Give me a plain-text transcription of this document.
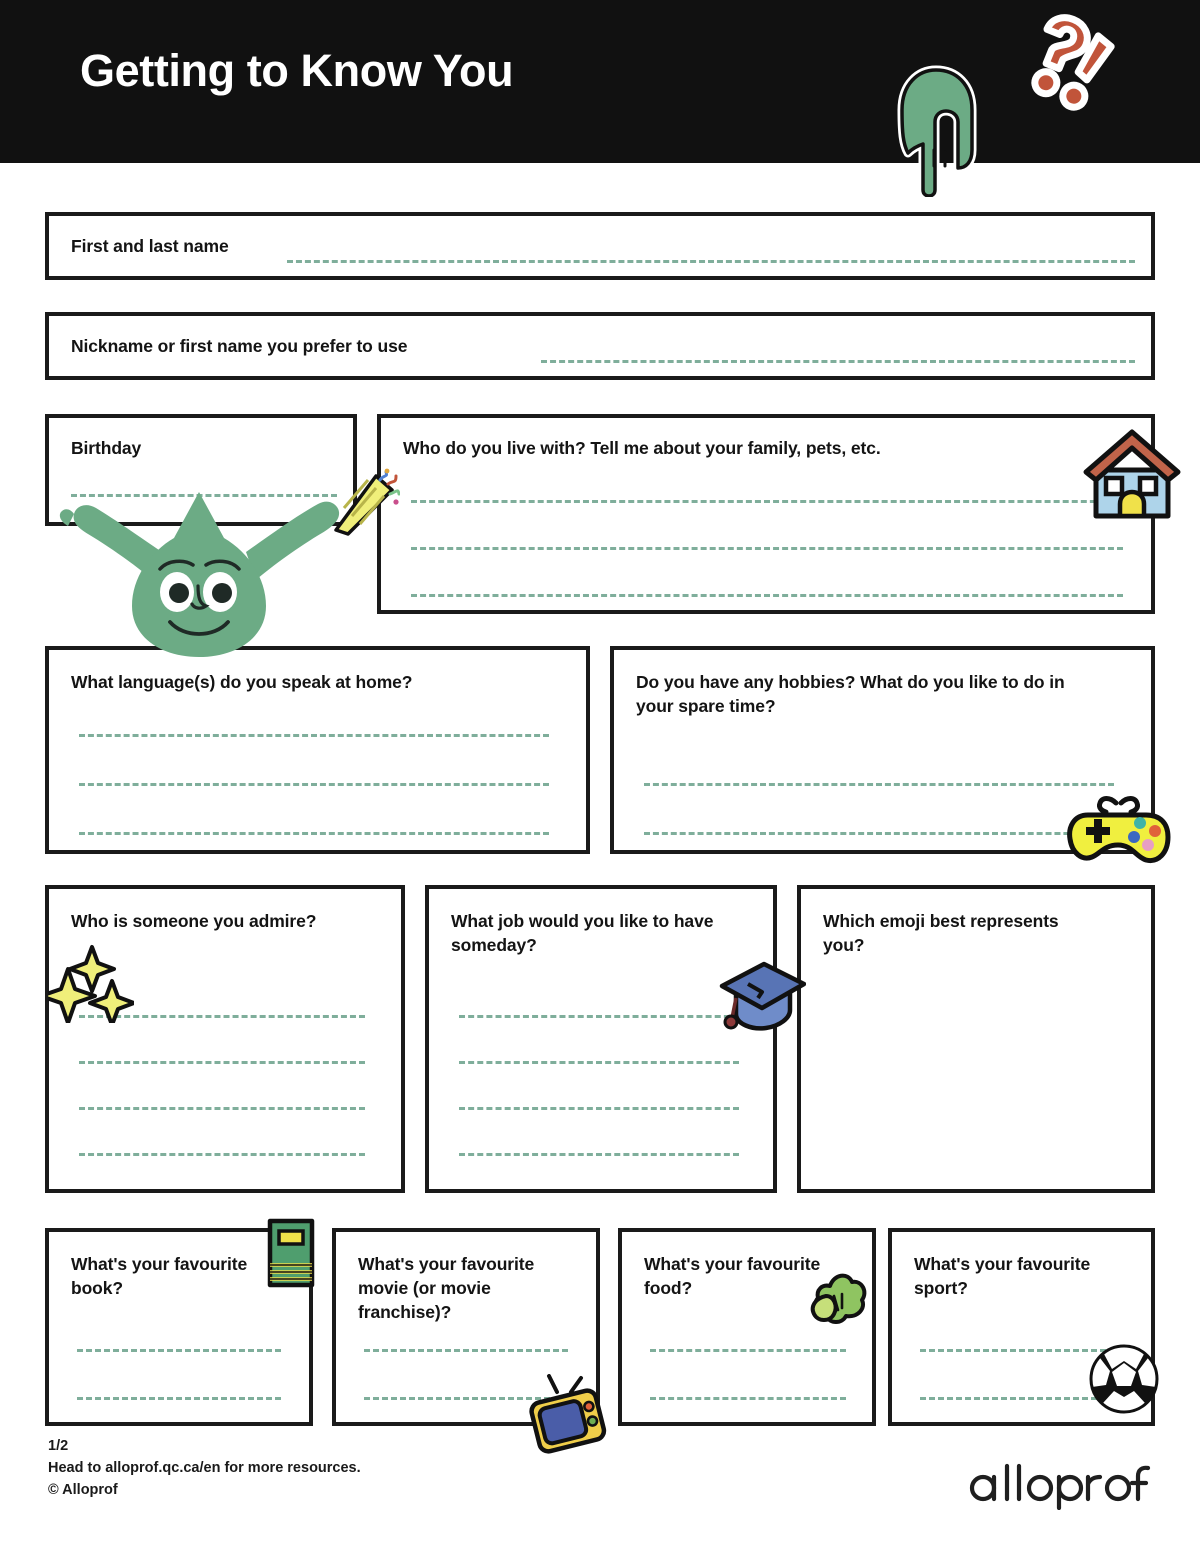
Getting to Know You
First and last name
Nickname or first name you prefer to use
Birthday	Who do you live with? Tell me about your family, pets, etc.
What language(s) do you speak at home?	Do you have any hobbies? What do you like to do in your spare time?
Who is someone you admire?	What job would you like to have someday?
Which emoji best represents you?
What's your favourite book?
What's your favourite movie (or movie franchise)?
What's your favourite food?
What's your favourite sport?
1/2
Head to alloprof.qc.ca/en for more resources.
© Alloprof
